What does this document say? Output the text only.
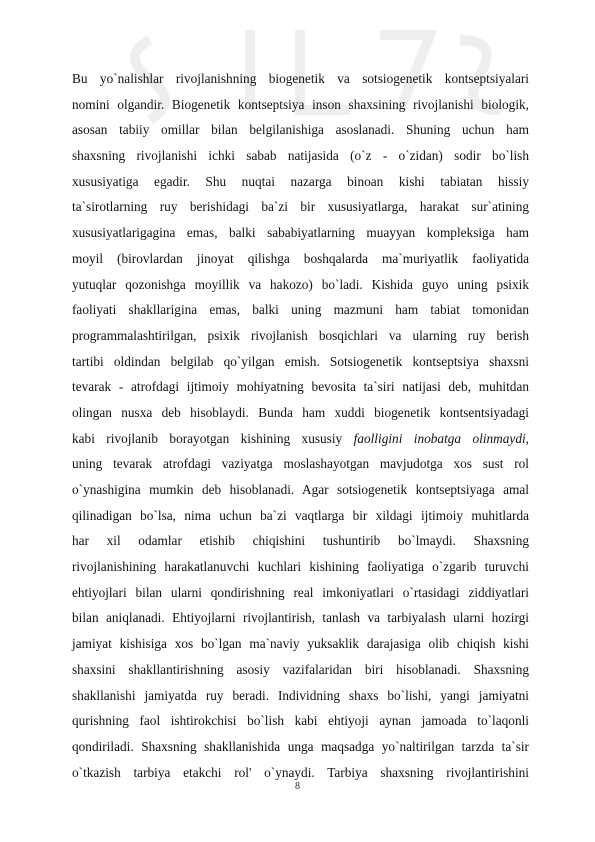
Bu yo`nalishlar rivojlanishning biogenetik va sotsiogenetik kontseptsiyalari
nomini olgandir. Biogenetik kontseptsiya inson shaxsining rivojlanishi biologik,
asosan tabiiy omillar bilan belgilanishiga asoslanadi. Shuning uchun ham
shaxsning rivojlanishi ichki sabab natijasida (o`z - o`zidan) sodir bo`lish
xususiyatiga egadir. Shu nuqtai nazarga binoan kishi tabiatan hissiy
ta`sirotlarning ruy berishidagi ba`zi bir xususiyatlarga, harakat sur`atining
xususiyatlarigagina emas, balki sababiyatlarning muayyan kompleksiga ham
moyil (birovlardan jinoyat qilishga boshqalarda ma`muriyatlik faoliyatida
yutuqlar qozonishga moyillik va hakozo) bo`ladi. Kishida guyo uning psixik
faoliyati shakllarigina emas, balki uning mazmuni ham tabiat tomonidan
programmalashtirilgan, psixik rivojlanish bosqichlari va ularning ruy berish
tartibi oldindan belgilab qo`yilgan emish. Sotsiogenetik kontseptsiya shaxsni
tevarak - atrofdagi ijtimoiy mohiyatning bevosita ta`siri natijasi deb, muhitdan
olingan nusxa deb hisoblaydi. Bunda ham xuddi biogenetik kontsentsiyadagi
kabi rivojlanib borayotgan kishining xususiy faolligini inobatga olinmaydi,
uning tevarak atrofdagi vaziyatga moslashayotgan mavjudotga xos sust rol
o`ynashigina mumkin deb hisoblanadi. Agar sotsiogenetik kontseptsiyaga amal
qilinadigan bo`lsa, nima uchun ba`zi vaqtlarga bir xildagi ijtimoiy muhitlarda
har xil odamlar etishib chiqishini tushuntirib bo`lmaydi. Shaxsning
rivojlanishining harakatlanuvchi kuchlari kishining faoliyatiga o`zgarib turuvchi
ehtiyojlari bilan ularni qondirishning real imkoniyatlari o`rtasidagi ziddiyatlari
bilan aniqlanadi. Ehtiyojlarni rivojlantirish, tanlash va tarbiyalash ularni hozirgi
jamiyat kishisiga xos bo`lgan ma`naviy yuksaklik darajasiga olib chiqish kishi
shaxsini shakllantirishning asosiy vazifalaridan biri hisoblanadi. Shaxsning
shakllanishi jamiyatda ruy beradi. Individning shaxs bo`lishi, yangi jamiyatni
qurishning faol ishtirokchisi bo`lish kabi ehtiyoji aynan jamoada to`laqonli
qondiriladi. Shaxsning shakllanishida unga maqsadga yo`naltirilgan tarzda ta`sir
o`tkazish tarbiya etakchi rol' o`ynaydi. Tarbiya shaxsning rivojlantirishini
8
